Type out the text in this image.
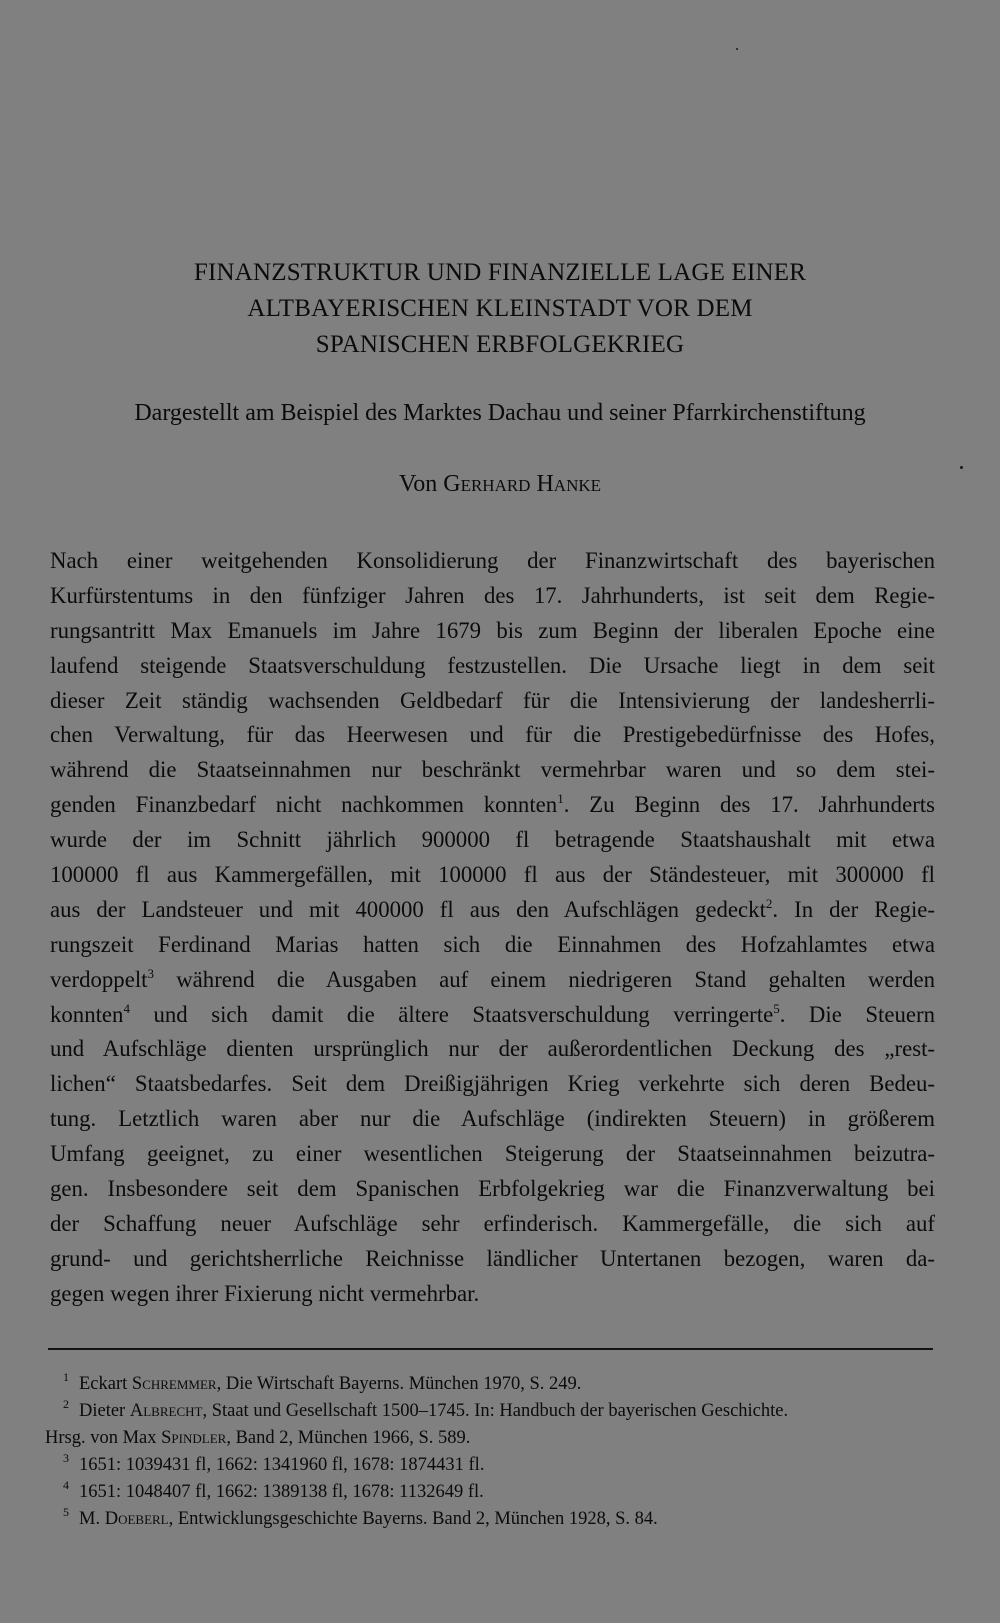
FINANZSTRUKTUR UND FINANZIELLE LAGE EINER
ALTBAYERISCHEN KLEINSTADT VOR DEM
SPANISCHEN ERBFOLGEKRIEG
Dargestellt am Beispiel des Marktes Dachau und seiner Pfarrkirchenstiftung
Von Gerhard Hanke
Nach einer weitgehenden Konsolidierung der Finanzwirtschaft des bayerischen
Kurfürstentums in den fünfziger Jahren des 17. Jahrhunderts, ist seit dem Regie-
rungsantritt Max Emanuels im Jahre 1679 bis zum Beginn der liberalen Epoche eine
laufend steigende Staatsverschuldung festzustellen. Die Ursache liegt in dem seit
dieser Zeit ständig wachsenden Geldbedarf für die Intensivierung der landesherrli-
chen Verwaltung, für das Heerwesen und für die Prestigebedürfnisse des Hofes,
während die Staatseinnahmen nur beschränkt vermehrbar waren und so dem stei-
genden Finanzbedarf nicht nachkommen konnten$^1$. Zu Beginn des 17. Jahrhunderts
wurde der im Schnitt jährlich 900000 fl betragende Staatshaushalt mit etwa
100000 fl aus Kammergefällen, mit 100000 fl aus der Ständesteuer, mit 300000 fl
aus der Landsteuer und mit 400000 fl aus den Aufschlägen gedeckt$^2$. In der Regie-
rungszeit Ferdinand Marias hatten sich die Einnahmen des Hofzahlamtes etwa
verdoppelt$^3$ während die Ausgaben auf einem niedrigeren Stand gehalten werden
konnten$^4$ und sich damit die ältere Staatsverschuldung verringerte$^5$. Die Steuern
und Aufschläge dienten ursprünglich nur der außerordentlichen Deckung des „rest-
lichen“ Staatsbedarfes. Seit dem Dreißigjährigen Krieg verkehrte sich deren Bedeu-
tung. Letztlich waren aber nur die Aufschläge (indirekten Steuern) in größerem
Umfang geeignet, zu einer wesentlichen Steigerung der Staatseinnahmen beizutra-
gen. Insbesondere seit dem Spanischen Erbfolgekrieg war die Finanzverwaltung bei
der Schaffung neuer Aufschläge sehr erfinderisch. Kammergefälle, die sich auf
grund- und gerichtsherrliche Reichnisse ländlicher Untertanen bezogen, waren da-
gegen wegen ihrer Fixierung nicht vermehrbar.
1 Eckart Schremmer, Die Wirtschaft Bayerns. München 1970, S. 249.
2 Dieter Albrecht, Staat und Gesellschaft 1500–1745. In: Handbuch der bayerischen Geschichte.
Hrsg. von Max Spindler, Band 2, München 1966, S. 589.
3 1651: 1039431 fl, 1662: 1341960 fl, 1678: 1874431 fl.
4 1651: 1048407 fl, 1662: 1389138 fl, 1678: 1132649 fl.
5 M. Doeberl, Entwicklungsgeschichte Bayerns. Band 2, München 1928, S. 84.
